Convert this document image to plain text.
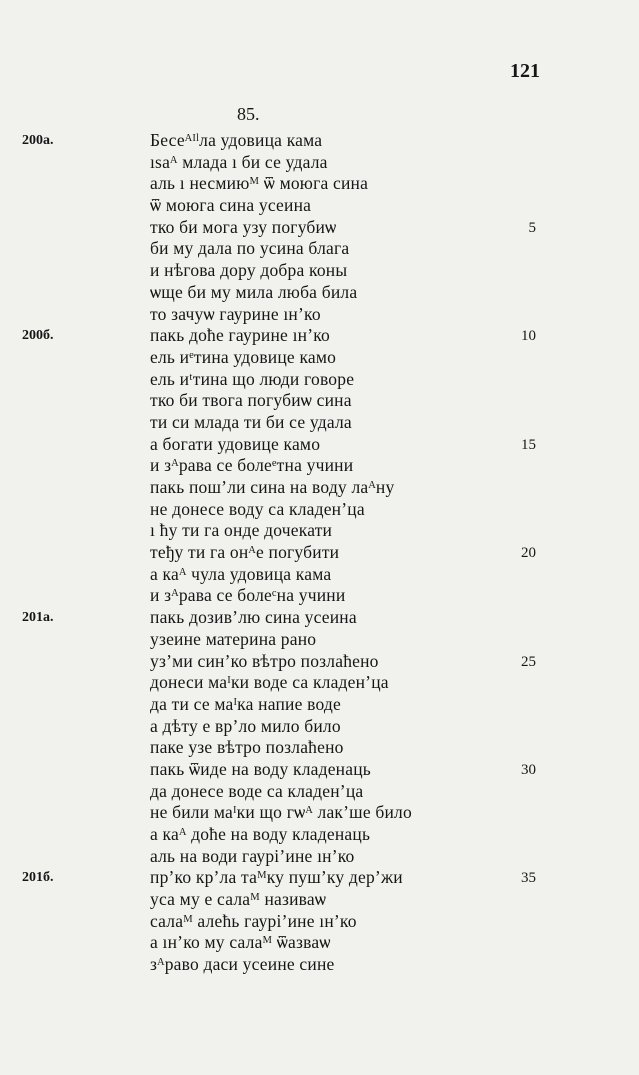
121
85.
200a.	Бесеᴬᴵˡла удовица кама
ısaᴬ млада ı би се удала
аль ı несмиюᴹ ѿ моюга сина
ѿ моюга сина усеина
тко би могa узу погубиѡ	5
би му дала по усина блага
и нѣгова дору добра коны
ѡще би му мила люба била
то зачуѡ гаурине ıнʼко
200б.	пакь доћe гаурине ıнʼко	10
ель иᵉтина удовице камо
ель иᵗтина що люди говоре
тко би твога погубиѡ сина
ти си млада ти би се удала
а богати удовице камо	15
и зᴬрава се болеᵉтна учини
пакь пошʼли сина на воду лаᴬну
не донесе воду са кладенʼца
ı ћу ти га онде дочекати
теђу ти га онᴬе погубити	20
а каᴬ чула удовица кама
и зᴬрава се болеᶜна учини
201a.	пакь дозивʼлю сина усеина
узеине материна рано
узʼми синʼко вѣтро позлаћено	25
донеси маᴵки воде са кладенʼца
да ти се маᴵка напие воде
а дѣту е врʼло мило било
паке узе вѣтро позлаћено
пакь ѿиде на воду кладенаць	30
да донесе воде са кладенʼца
не били маᴵки що гѡᴬ лакʼше било
а каᴬ доће на воду кладенаць
аль на води гаурiʼине ıнʼко
201б.	прʼко крʼла таᴹку пушʼку дерʼжи	35
уса му е салаᴹ називаѡ
салаᴹ алећь гаурiʼине ıнʼко
а ıнʼко му салаᴹ ѿазваѡ
зᴬраво даси усеине сине
